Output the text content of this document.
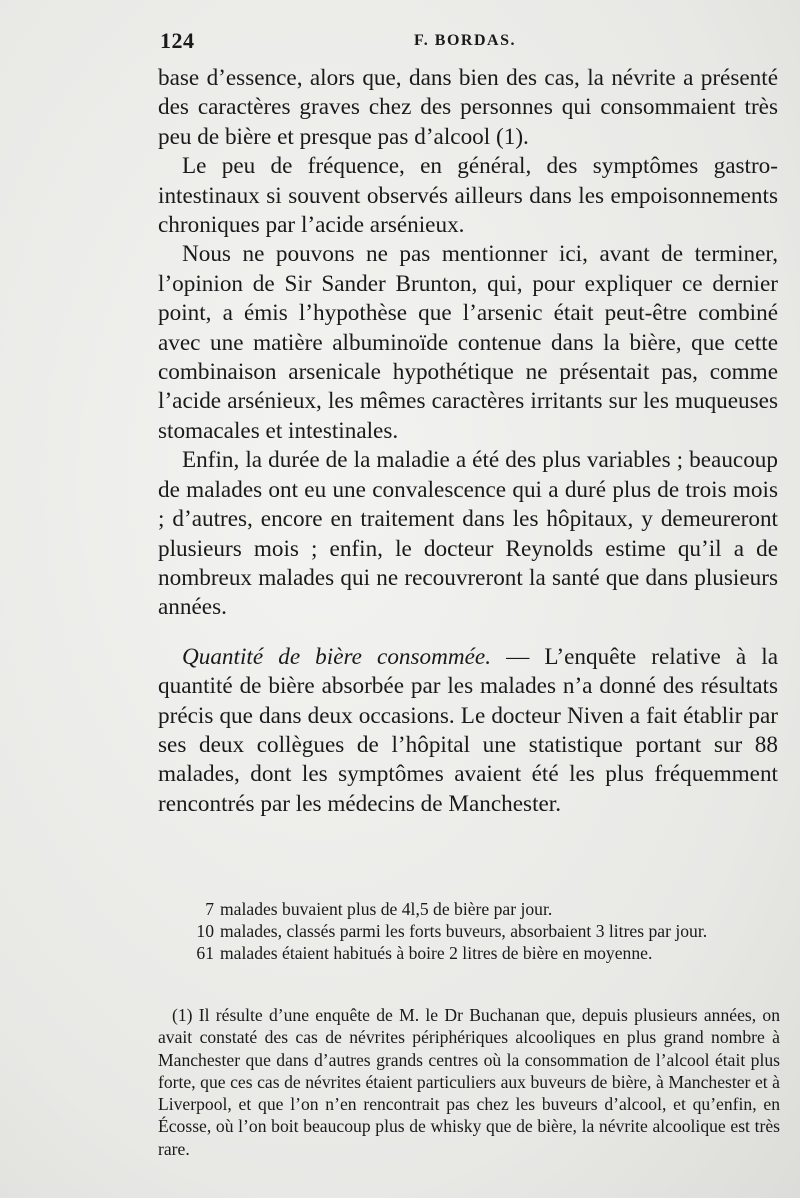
124	F. BORDAS.

base d’essence, alors que, dans bien des cas, la névrite a présenté des caractères graves chez des personnes qui consommaient très peu de bière et presque pas d’alcool (1).

Le peu de fréquence, en général, des symptômes gastro-intestinaux si souvent observés ailleurs dans les empoisonnements chroniques par l’acide arsénieux.

Nous ne pouvons ne pas mentionner ici, avant de terminer, l’opinion de Sir Sander Brunton, qui, pour expliquer ce dernier point, a émis l’hypothèse que l’arsenic était peut-être combiné avec une matière albuminoïde contenue dans la bière, que cette combinaison arsenicale hypothétique ne présentait pas, comme l’acide arsénieux, les mêmes caractères irritants sur les muqueuses stomacales et intestinales.

Enfin, la durée de la maladie a été des plus variables ; beaucoup de malades ont eu une convalescence qui a duré plus de trois mois ; d’autres, encore en traitement dans les hôpitaux, y demeureront plusieurs mois ; enfin, le docteur Reynolds estime qu’il a de nombreux malades qui ne recouvreront la santé que dans plusieurs années.

Quantité de bière consommée. — L’enquête relative à la quantité de bière absorbée par les malades n’a donné des résultats précis que dans deux occasions. Le docteur Niven a fait établir par ses deux collègues de l’hôpital une statistique portant sur 88 malades, dont les symptômes avaient été les plus fréquemment rencontrés par les médecins de Manchester.

7 malades buvaient plus de 4l,5 de bière par jour.
10 malades, classés parmi les forts buveurs, absorbaient 3 litres par jour.
61 malades étaient habitués à boire 2 litres de bière en moyenne.

(1) Il résulte d’une enquête de M. le Dr Buchanan que, depuis plusieurs années, on avait constaté des cas de névrites périphériques alcooliques en plus grand nombre à Manchester que dans d’autres grands centres où la consommation de l’alcool était plus forte, que ces cas de névrites étaient particuliers aux buveurs de bière, à Manchester et à Liverpool, et que l’on n’en rencontrait pas chez les buveurs d’alcool, et qu’enfin, en Écosse, où l’on boit beaucoup plus de whisky que de bière, la névrite alcoolique est très rare.
